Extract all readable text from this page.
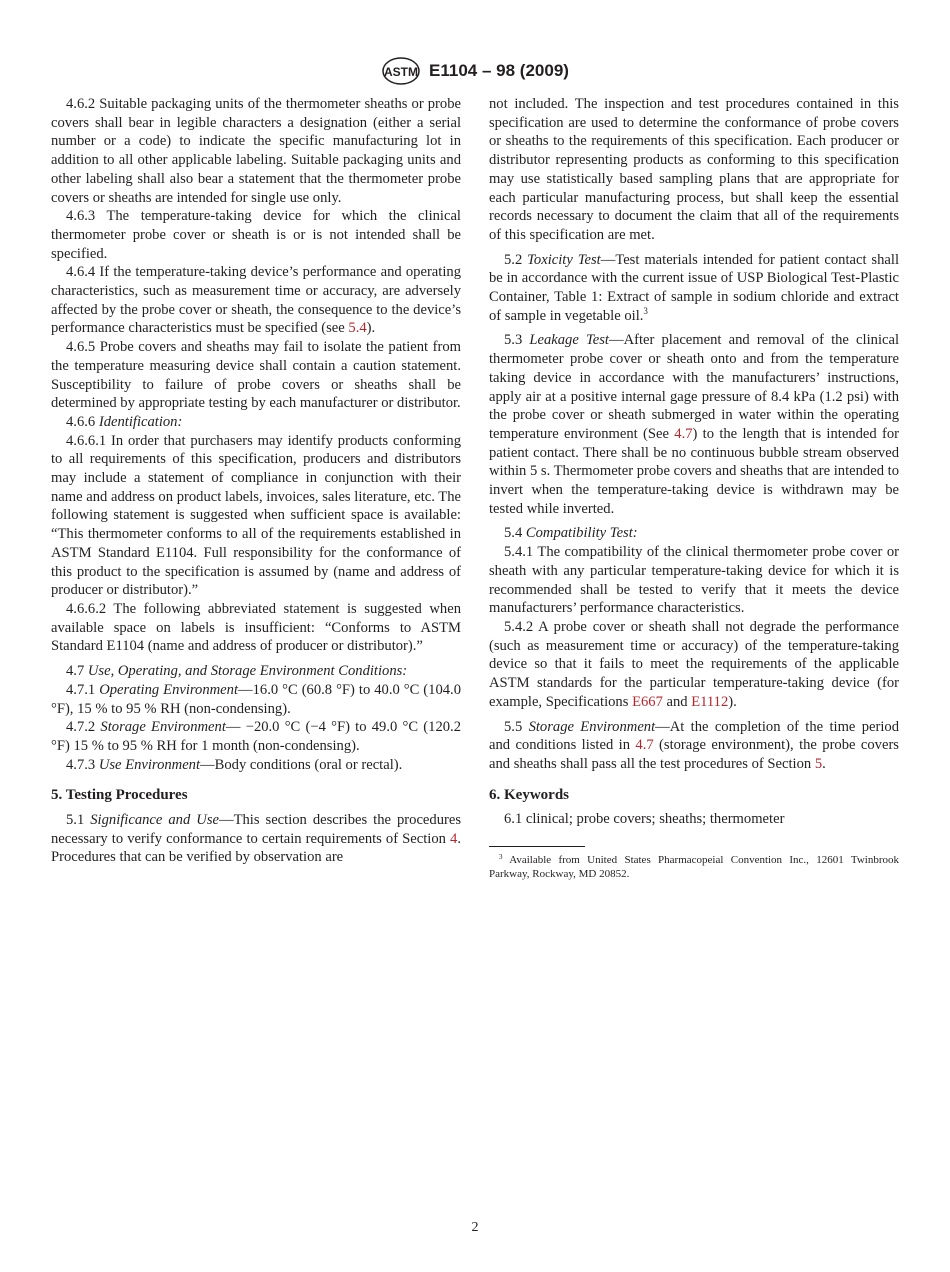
ASTM E1104 – 98 (2009)

4.6.2 Suitable packaging units of the thermometer sheaths or probe covers shall bear in legible characters a designation (either a serial number or a code) to indicate the specific manufacturing lot in addition to all other applicable labeling. Suitable packaging units and other labeling shall also bear a statement that the thermometer probe covers or sheaths are intended for single use only.

4.6.3 The temperature-taking device for which the clinical thermometer probe cover or sheath is or is not intended shall be specified.

4.6.4 If the temperature-taking device’s performance and operating characteristics, such as measurement time or accuracy, are adversely affected by the probe cover or sheath, the consequence to the device’s performance characteristics must be specified (see 5.4).

4.6.5 Probe covers and sheaths may fail to isolate the patient from the temperature measuring device shall contain a caution statement. Susceptibility to failure of probe covers or sheaths shall be determined by appropriate testing by each manufacturer or distributor.

4.6.6 Identification:

4.6.6.1 In order that purchasers may identify products conforming to all requirements of this specification, producers and distributors may include a statement of compliance in conjunction with their name and address on product labels, invoices, sales literature, etc. The following statement is suggested when sufficient space is available: “This thermometer conforms to all of the requirements established in ASTM Standard E1104. Full responsibility for the conformance of this product to the specification is assumed by (name and address of producer or distributor).”

4.6.6.2 The following abbreviated statement is suggested when available space on labels is insufficient: “Conforms to ASTM Standard E1104 (name and address of producer or distributor).”

4.7 Use, Operating, and Storage Environment Conditions:

4.7.1 Operating Environment—16.0 °C (60.8 °F) to 40.0 °C (104.0 °F), 15 % to 95 % RH (non-condensing).

4.7.2 Storage Environment— −20.0 °C (−4 °F) to 49.0 °C (120.2 °F) 15 % to 95 % RH for 1 month (non-condensing).

4.7.3 Use Environment—Body conditions (oral or rectal).

5. Testing Procedures

5.1 Significance and Use—This section describes the procedures necessary to verify conformance to certain requirements of Section 4. Procedures that can be verified by observation are

not included. The inspection and test procedures contained in this specification are used to determine the conformance of probe covers or sheaths to the requirements of this specification. Each producer or distributor representing products as conforming to this specification may use statistically based sampling plans that are appropriate for each particular manufacturing process, but shall keep the essential records necessary to document the claim that all of the requirements of this specification are met.

5.2 Toxicity Test—Test materials intended for patient contact shall be in accordance with the current issue of USP Biological Test-Plastic Container, Table 1: Extract of sample in sodium chloride and extract of sample in vegetable oil.$^3$

5.3 Leakage Test—After placement and removal of the clinical thermometer probe cover or sheath onto and from the temperature taking device in accordance with the manufacturers’ instructions, apply air at a positive internal gage pressure of 8.4 kPa (1.2 psi) with the probe cover or sheath submerged in water within the operating temperature environment (See 4.7) to the length that is intended for patient contact. There shall be no continuous bubble stream observed within 5 s. Thermometer probe covers and sheaths that are intended to invert when the temperature-taking device is withdrawn may be tested while inverted.

5.4 Compatibility Test:

5.4.1 The compatibility of the clinical thermometer probe cover or sheath with any particular temperature-taking device for which it is recommended shall be tested to verify that it meets the device manufacturers’ performance characteristics.

5.4.2 A probe cover or sheath shall not degrade the performance (such as measurement time or accuracy) of the temperature-taking device so that it fails to meet the requirements of the applicable ASTM standards for the particular temperature-taking device (for example, Specifications E667 and E1112).

5.5 Storage Environment—At the completion of the time period and conditions listed in 4.7 (storage environment), the probe covers and sheaths shall pass all the test procedures of Section 5.

6. Keywords

6.1 clinical; probe covers; sheaths; thermometer

$^3$ Available from United States Pharmacopeial Convention Inc., 12601 Twinbrook Parkway, Rockway, MD 20852.

2
